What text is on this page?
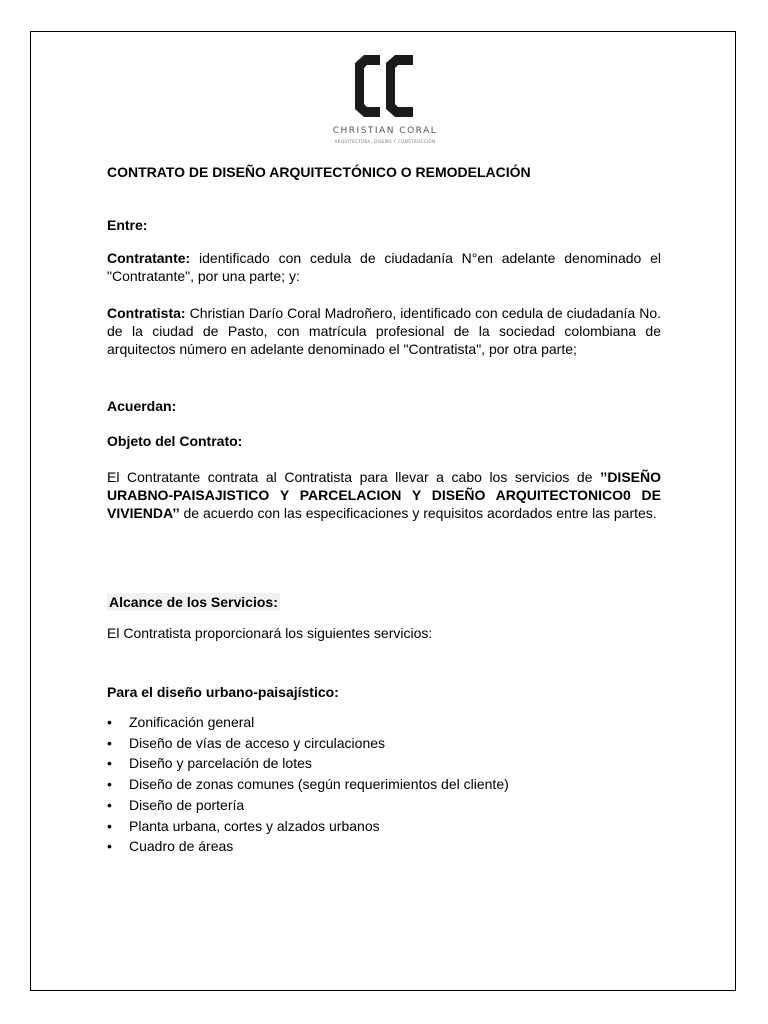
CHRISTIAN CORAL
ARQUITECTURA, DISEÑO Y CONSTRUCCIÓN

CONTRATO DE DISEÑO ARQUITECTÓNICO O REMODELACIÓN

Entre:

Contratante: identificado con cedula de ciudadanía N°en adelante denominado el "Contratante", por una parte; y:

Contratista: Christian Darío Coral Madroñero, identificado con cedula de ciudadanía No. de la ciudad de Pasto, con matrícula profesional de la sociedad colombiana de arquitectos número en adelante denominado el "Contratista", por otra parte;

Acuerdan:

Objeto del Contrato:

El Contratante contrata al Contratista para llevar a cabo los servicios de ’’DISEÑO URABNO-PAISAJISTICO Y PARCELACION Y DISEÑO ARQUITECTONICO0 DE VIVIENDA’’ de acuerdo con las especificaciones y requisitos acordados entre las partes.

Alcance de los Servicios:

El Contratista proporcionará los siguientes servicios:

Para el diseño urbano-paisajístico:

• Zonificación general
• Diseño de vías de acceso y circulaciones
• Diseño y parcelación de lotes
• Diseño de zonas comunes (según requerimientos del cliente)
• Diseño de portería
• Planta urbana, cortes y alzados urbanos
• Cuadro de áreas
